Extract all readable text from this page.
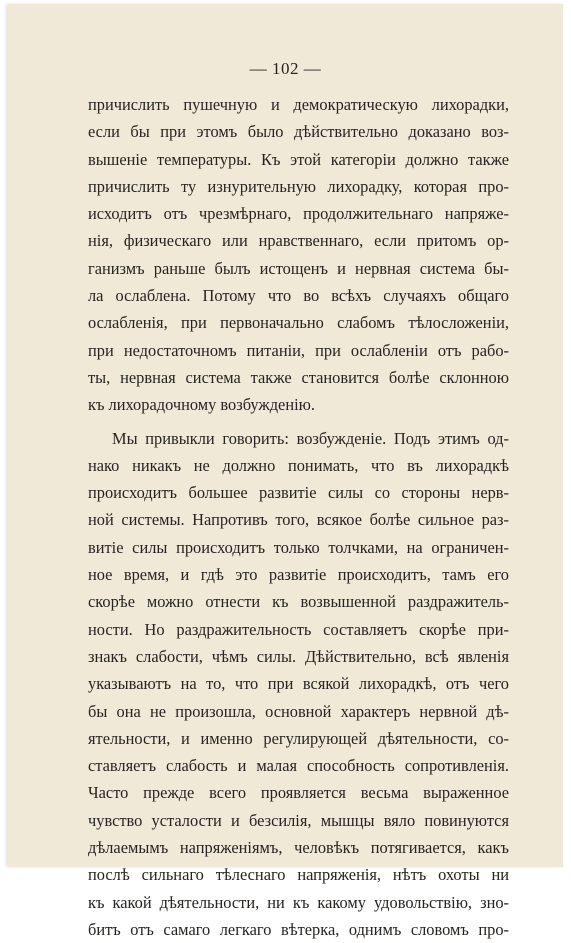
— 102 —

причислить пушечную и демократическую лихорадки,
если бы при этомъ было дѣйствительно доказано воз-
вышеніе температуры. Къ этой категоріи должно также
причислить ту изнурительную лихорадку, которая про-
исходитъ отъ чрезмѣрнаго, продолжительнаго напряже-
нія, физическаго или нравственнаго, если притомъ ор-
ганизмъ раньше былъ истощенъ и нервная система бы-
ла ослаблена. Потому что во всѣхъ случаяхъ общаго
ослабленія, при первоначально слабомъ тѣлосложеніи,
при недостаточномъ питаніи, при ослабленіи отъ рабо-
ты, нервная система также становится болѣе склонною
къ лихорадочному возбужденію.

Мы привыкли говорить: возбужденіе. Подъ этимъ од-
нако никакъ не должно понимать, что въ лихорадкѣ
происходитъ большее развитіе силы со стороны нерв-
ной системы. Напротивъ того, всякое болѣе сильное раз-
витіе силы происходитъ только толчками, на ограничен-
ное время, и гдѣ это развитіе происходитъ, тамъ его
скорѣе можно отнести къ возвышенной раздражитель-
ности. Но раздражительность составляетъ скорѣе при-
знакъ слабости, чѣмъ силы. Дѣйствительно, всѣ явленія
указываютъ на то, что при всякой лихорадкѣ, отъ чего
бы она не произошла, основной характеръ нервной дѣ-
ятельности, и именно регулирующей дѣятельности, со-
ставляетъ слабость и малая способность сопротивленія.
Часто прежде всего проявляется весьма выраженное
чувство усталости и безсилія, мышцы вяло повинуются
дѣлаемымъ напряженіямъ, человѣкъ потягивается, какъ
послѣ сильнаго тѣлеснаго напряженія, нѣтъ охоты ни
къ какой дѣятельности, ни къ какому удовольствію, зно-
битъ отъ самаго легкаго вѣтерка, однимъ словомъ про-
